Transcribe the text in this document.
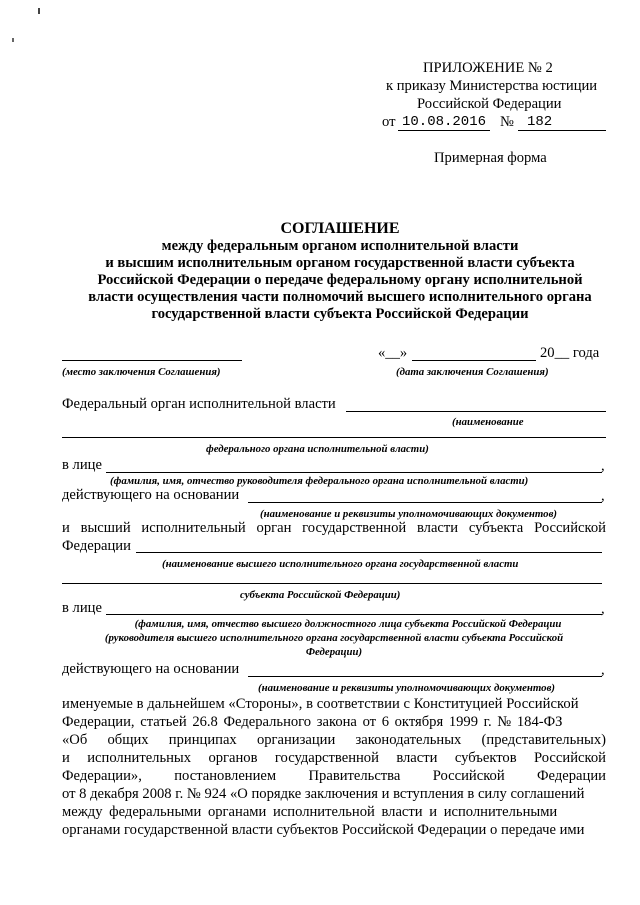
ПРИЛОЖЕНИЕ № 2
к приказу Министерства юстиции
Российской Федерации
от 10.08.2016 № 182
Примерная форма
СОГЛАШЕНИЕ
между федеральным органом исполнительной власти
и высшим исполнительным органом государственной власти субъекта
Российской Федерации о передаче федеральному органу исполнительной
власти осуществления части полномочий высшего исполнительного органа
государственной власти субъекта Российской Федерации
«__»	20__ года
(место заключения Соглашения)	(дата заключения Соглашения)
Федеральный орган исполнительной власти
(наименование
федерального органа исполнительной власти)
в лице	,
(фамилия, имя, отчество руководителя федерального органа исполнительной власти)
действующего на основании	,
(наименование и реквизиты уполномочивающих документов)
и высший исполнительный орган государственной власти субъекта Российской
Федерации
(наименование высшего исполнительного органа государственной власти
субъекта Российской Федерации)
в лице	,
(фамилия, имя, отчество высшего должностного лица субъекта Российской Федерации
(руководителя высшего исполнительного органа государственной власти субъекта Российской
Федерации)
действующего на основании	,
(наименование и реквизиты уполномочивающих документов)
именуемые в дальнейшем «Стороны», в соответствии с Конституцией Российской
Федерации, статьей 26.8 Федерального закона от 6 октября 1999 г. № 184-ФЗ
«Об общих принципах организации законодательных (представительных)
и исполнительных органов государственной власти субъектов Российской
Федерации», постановлением Правительства Российской Федерации
от 8 декабря 2008 г. № 924 «О порядке заключения и вступления в силу соглашений
между федеральными органами исполнительной власти и исполнительными
органами государственной власти субъектов Российской Федерации о передаче ими
